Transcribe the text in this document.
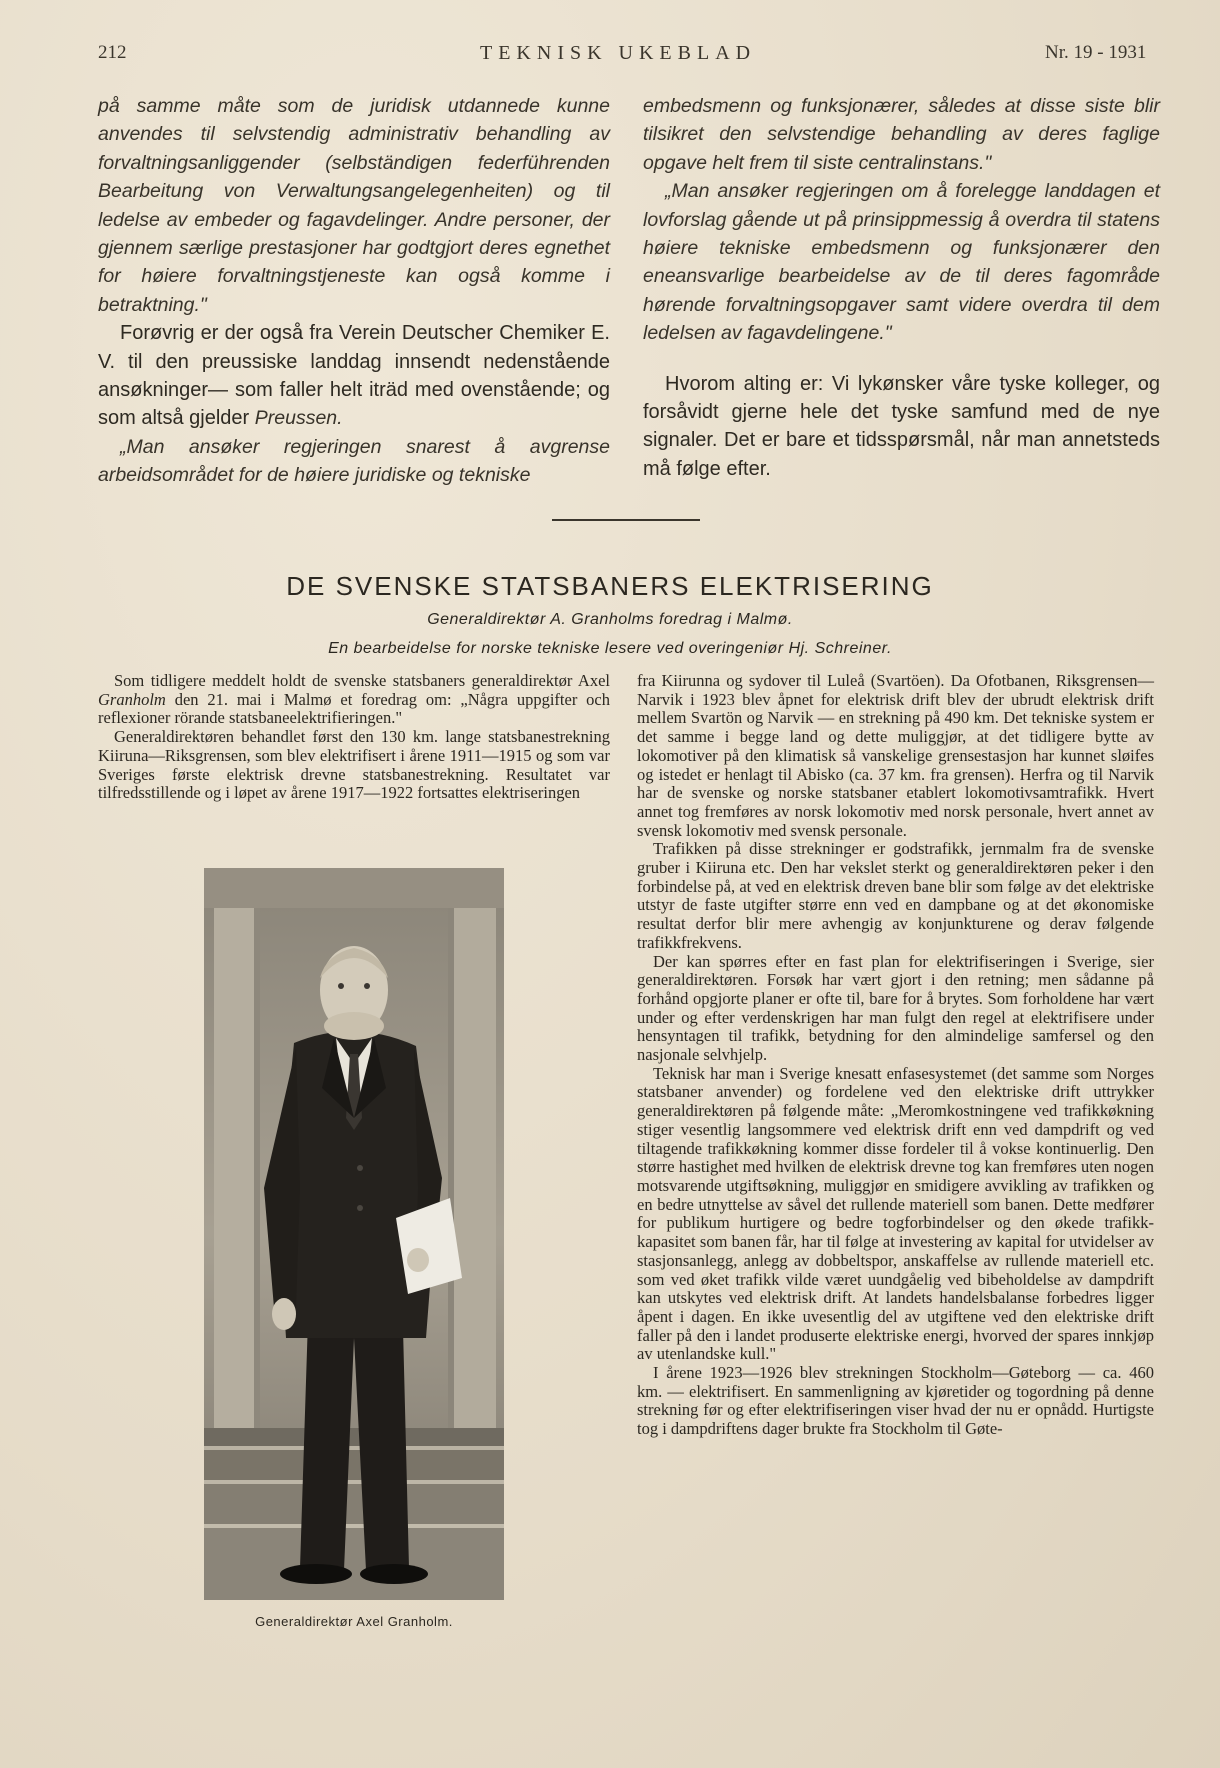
212	TEKNISK UKEBLAD	Nr. 19 - 1931

på samme måte som de juridisk utdannede kunne anvendes til selvstendig administrativ behandling av forvaltningsanliggender (selbständigen federführenden Bearbeitung von Verwaltungsangelegenheiten) og til ledelse av embeder og fagavdelinger. Andre personer, der gjennem særlige prestasjoner har godtgjort deres egnethet for høiere forvaltningstjeneste kan også komme i betraktning."

Forøvrig er der også fra Verein Deutscher Chemiker E. V. til den preussiske landdag innsendt nedenstående ansøkninger— som faller helt iträd med ovenstående; og som altså gjelder Preussen.

„Man ansøker regjeringen snarest å avgrense arbeidsområdet for de høiere juridiske og tekniske

embedsmenn og funksjonærer, således at disse siste blir tilsikret den selvstendige behandling av deres faglige opgave helt frem til siste centralinstans."

„Man ansøker regjeringen om å forelegge landdagen et lovforslag gående ut på prinsippmessig å overdra til statens høiere tekniske embedsmenn og funksjonærer den eneansvarlige bearbeidelse av de til deres fagområde hørende forvaltningsopgaver samt videre overdra til dem ledelsen av fagavdelingene."

Hvorom alting er: Vi lykønsker våre tyske kolleger, og forsåvidt gjerne hele det tyske samfund med de nye signaler. Det er bare et tidsspørsmål, når man annetsteds må følge efter.

DE SVENSKE STATSBANERS ELEKTRISERING
Generaldirektør A. Granholms foredrag i Malmø.
En bearbeidelse for norske tekniske lesere ved overingeniør Hj. Schreiner.

Som tidligere meddelt holdt de svenske statsbaners generaldirektør Axel Granholm den 21. mai i Malmø et foredrag om: „Några uppgifter och reflexioner rörande statsbaneelektrifieringen."

Generaldirektøren behandlet først den 130 km. lange statsbanestrekning Kiiruna—Riksgrensen, som blev elektrifisert i årene 1911—1915 og som var Sveriges første elektrisk drevne statsbanestrekning. Resultatet var tilfredsstillende og i løpet av årene 1917—1922 fortsattes elektriseringen

Generaldirektør Axel Granholm.

fra Kiirunna og sydover til Luleå (Svartöen). Da Ofotbanen, Riksgrensen—Narvik i 1923 blev åpnet for elektrisk drift blev der ubrudt elektrisk drift mellem Svartön og Narvik — en strekning på 490 km. Det tekniske system er det samme i begge land og dette muliggjør, at det tidligere bytte av lokomotiver på den klimatisk så vanskelige grensestasjon har kunnet sløifes og istedet er henlagt til Abisko (ca. 37 km. fra grensen). Herfra og til Narvik har de svenske og norske statsbaner etablert lokomotivsamtrafikk. Hvert annet tog fremføres av norsk lokomotiv med norsk personale, hvert annet av svensk lokomotiv med svensk personale.

Trafikken på disse strekninger er godstrafikk, jernmalm fra de svenske gruber i Kiiruna etc. Den har vekslet sterkt og generaldirektøren peker i den forbindelse på, at ved en elektrisk dreven bane blir som følge av det elektriske utstyr de faste utgifter større enn ved en dampbane og at det økonomiske resultat derfor blir mere avhengig av konjunkturene og derav følgende trafikkfrekvens.

Der kan spørres efter en fast plan for elektrifiseringen i Sverige, sier generaldirektøren. Forsøk har vært gjort i den retning; men sådanne på forhånd opgjorte planer er ofte til, bare for å brytes. Som forholdene har vært under og efter verdenskrigen har man fulgt den regel at elektrifisere under hensyntagen til trafikk, betydning for den almindelige samfersel og den nasjonale selvhjelp.

Teknisk har man i Sverige knesatt enfasesystemet (det samme som Norges statsbaner anvender) og fordelene ved den elektriske drift uttrykker generaldirektøren på følgende måte: „Meromkostningene ved trafikkøkning stiger vesentlig langsommere ved elektrisk drift enn ved dampdrift og ved tiltagende trafikkøkning kommer disse fordeler til å vokse kontinuerlig. Den større hastighet med hvilken de elektrisk drevne tog kan fremføres uten nogen motsvarende utgiftsøkning, muliggjør en smidigere avvikling av trafikken og en bedre utnyttelse av såvel det rullende materiell som banen. Dette medfører for publikum hurtigere og bedre togforbindelser og den økede trafikk-kapasitet som banen får, har til følge at investering av kapital for utvidelser av stasjonsanlegg, anlegg av dobbeltspor, anskaffelse av rullende materiell etc. som ved øket trafikk vilde været uundgåelig ved bibeholdelse av dampdrift kan utskytes ved elektrisk drift. At landets handelsbalanse forbedres ligger åpent i dagen. En ikke uvesentlig del av utgiftene ved den elektriske drift faller på den i landet produserte elektriske energi, hvorved der spares innkjøp av utenlandske kull."

I årene 1923—1926 blev strekningen Stockholm—Gøteborg — ca. 460 km. — elektrifisert. En sammenligning av kjøretider og togordning på denne strekning før og efter elektrifiseringen viser hvad der nu er opnådd. Hurtigste tog i dampdriftens dager brukte fra Stockholm til Gøte-
